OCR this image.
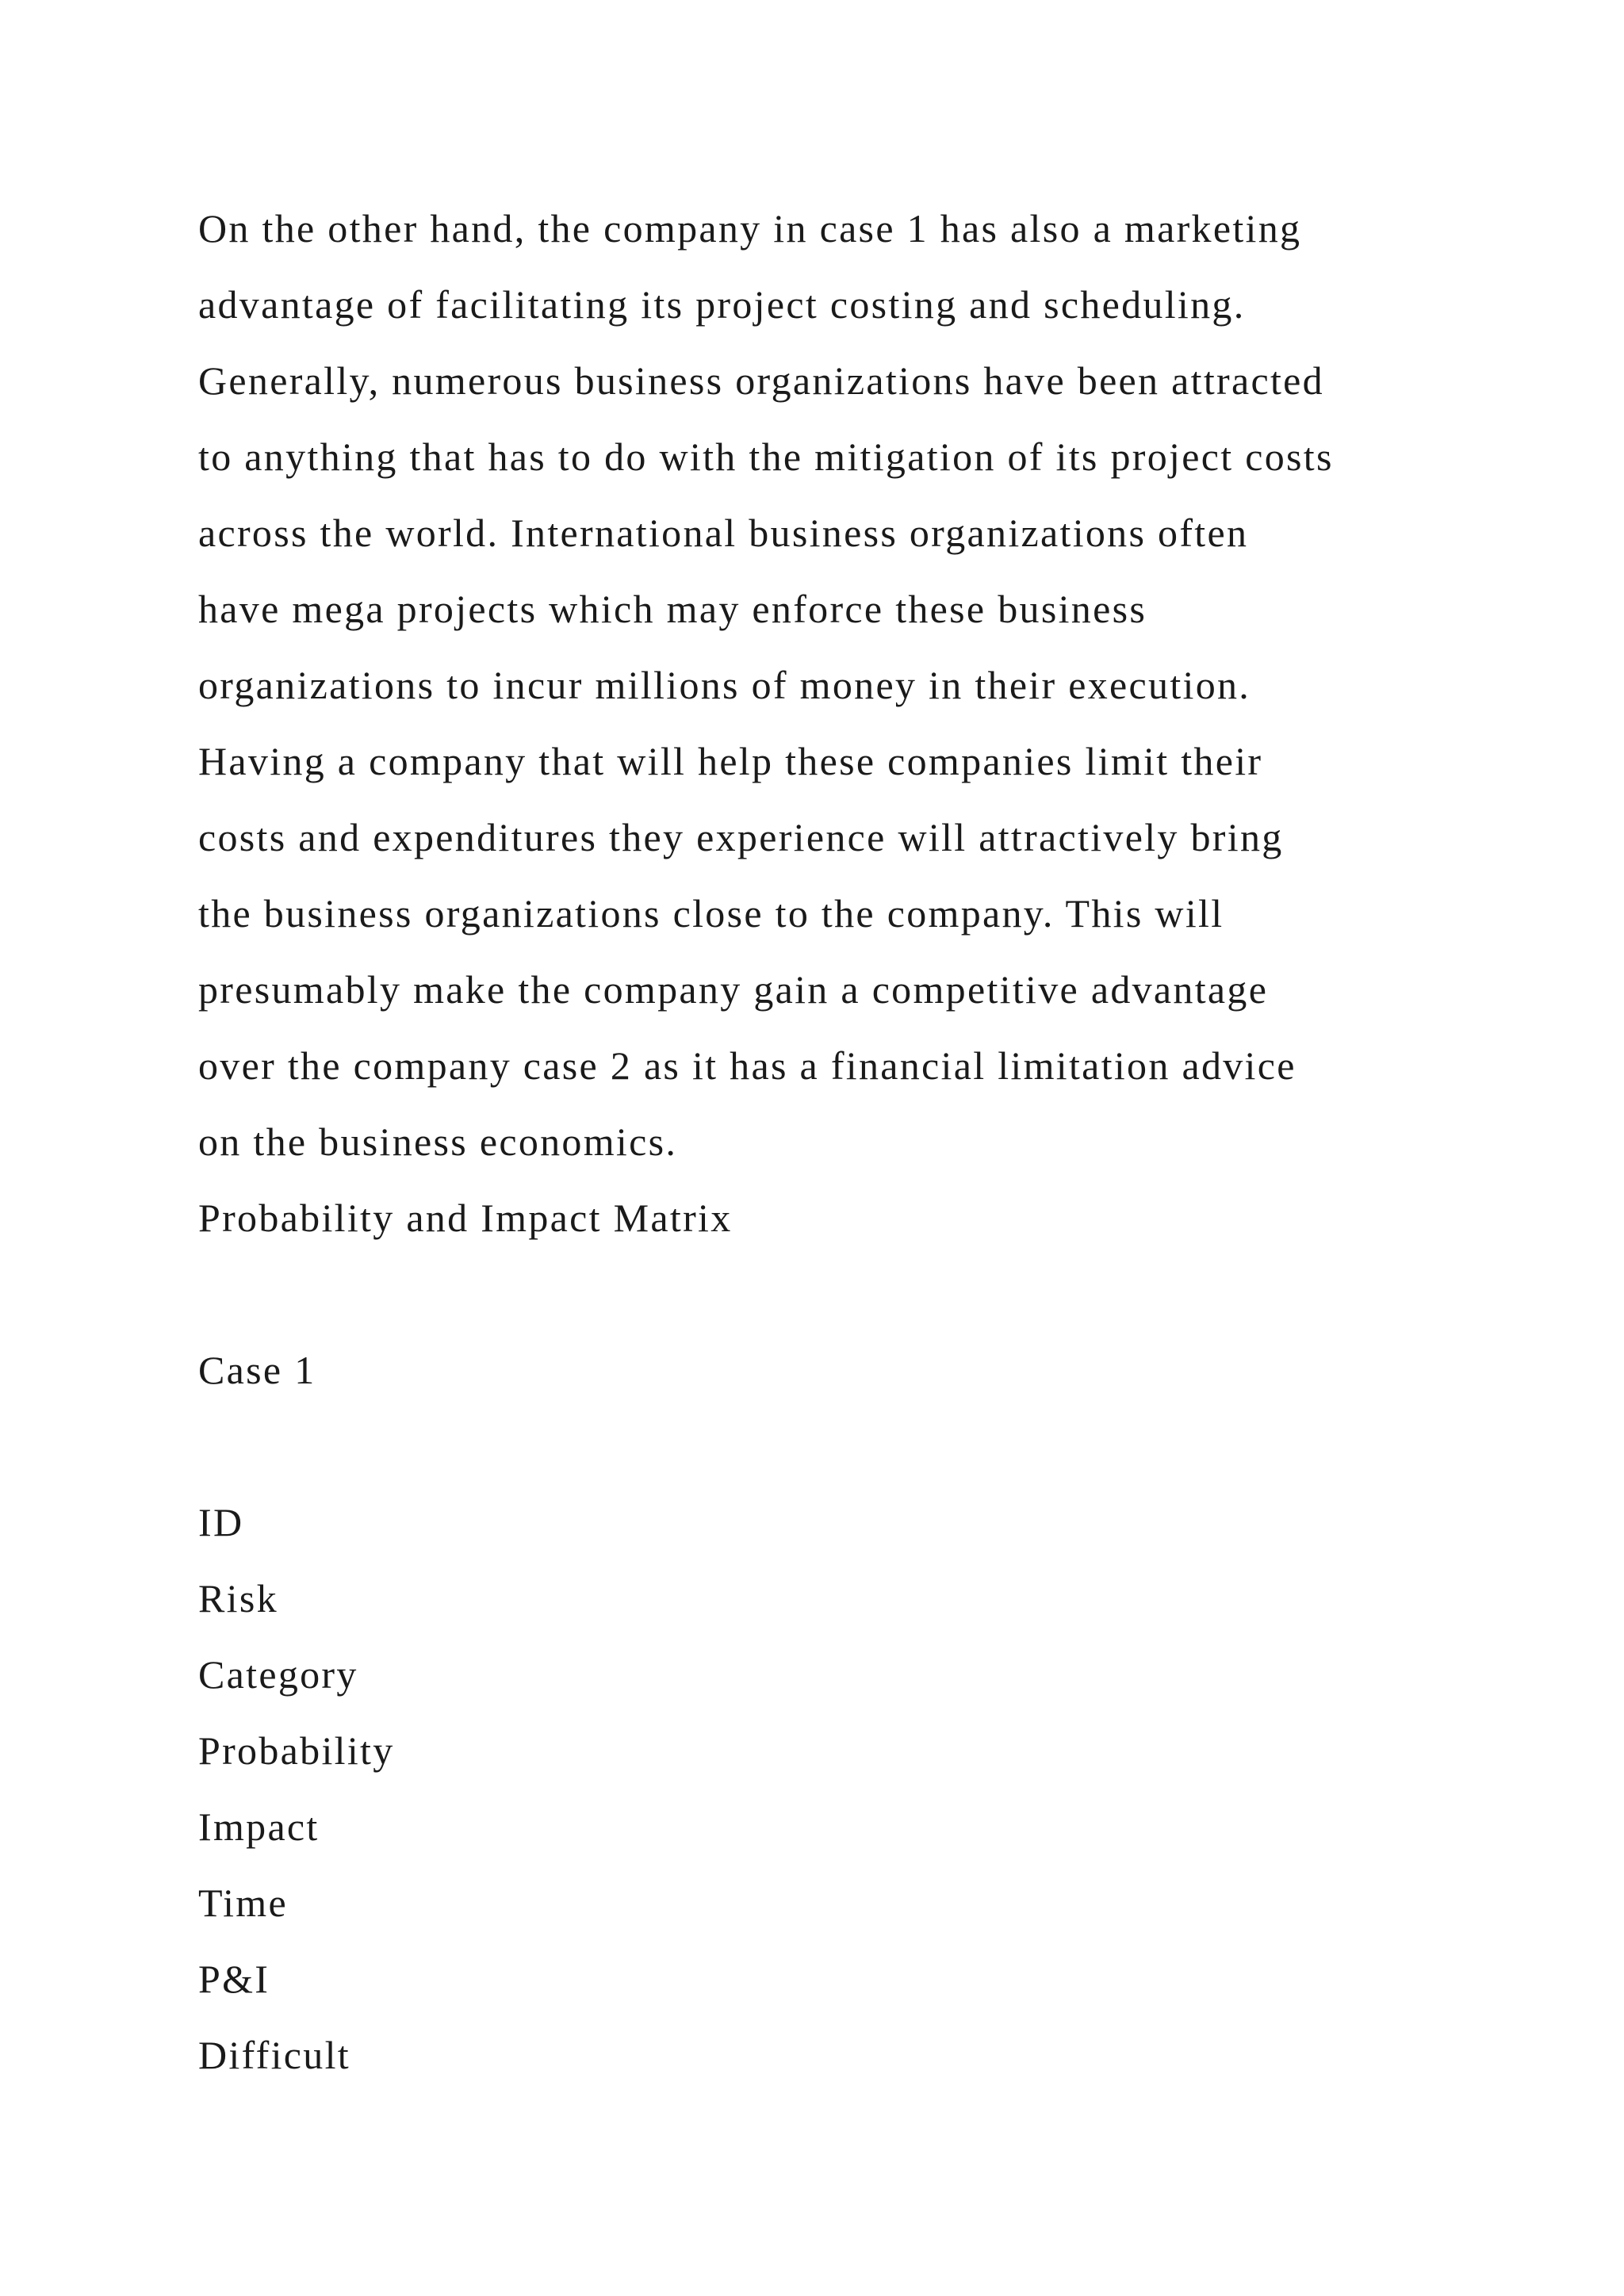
On the other hand, the company in case 1 has also a marketing
advantage of facilitating its project costing and scheduling.
Generally, numerous business organizations have been attracted
to anything that has to do with the mitigation of its project costs
across the world. International business organizations often
have mega projects which may enforce these business
organizations to incur millions of money in their execution.
Having a company that will help these companies limit their
costs and expenditures they experience will attractively bring
the business organizations close to the company. This will
presumably make the company gain a competitive advantage
over the company case 2 as it has a financial limitation advice
on the business economics.
Probability and Impact Matrix
Case 1
ID
Risk
Category
Probability
Impact
Time
P&I
Difficult
